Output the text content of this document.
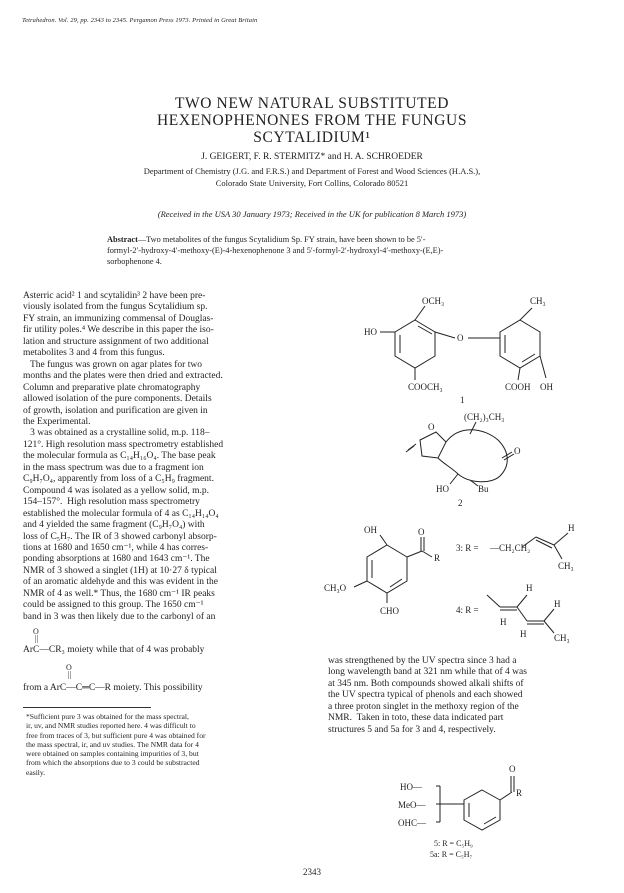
Tetrahedron. Vol. 29, pp. 2343 to 2345. Pergamon Press 1973. Printed in Great Britain
TWO NEW NATURAL SUBSTITUTED
HEXENOPHENONES FROM THE FUNGUS
SCYTALIDIUM¹
J. GEIGERT, F. R. STERMITZ* and H. A. SCHROEDER
Department of Chemistry (J.G. and F.R.S.) and Department of Forest and Wood Sciences (H.A.S.),
Colorado State University, Fort Collins, Colorado 80521
(Received in the USA 30 January 1973; Received in the UK for publication 8 March 1973)
Abstract—Two metabolites of the fungus Scytalidium Sp. FY strain, have been shown to be 5′-
formyl-2′-hydroxy-4′-methoxy-(E)-4-hexenophenone 3 and 5′-formyl-2′-hydroxyl-4′-methoxy-(E,E)-
sorbophenone 4.
Asterric acid² 1 and scytalidin³ 2 have been pre-
viously isolated from the fungus Scytalidium sp.
FY strain, an immunizing commensal of Douglas-
fir utility poles.⁴ We describe in this paper the iso-
lation and structure assignment of two additional
metabolites 3 and 4 from this fungus.
The fungus was grown on agar plates for two
months and the plates were then dried and extracted.
Column and preparative plate chromatography
allowed isolation of the pure components. Details
of growth, isolation and purification are given in
the Experimental.
3 was obtained as a crystalline solid, m.p. 118–
121°. High resolution mass spectrometry established
the molecular formula as C₁₄H₁₆O₄. The base peak
in the mass spectrum was due to a fragment ion
C₉H₇O₄, apparently from loss of a C₅H₉ fragment.
Compound 4 was isolated as a yellow solid, m.p.
154–157°.  High resolution mass spectrometry
established the molecular formula of 4 as C₁₄H₁₄O₄
and 4 yielded the same fragment (C₉H₇O₄) with
loss of C₅H₇. The IR of 3 showed carbonyl absorp-
tions at 1680 and 1650 cm⁻¹, while 4 has corres-
ponding absorptions at 1680 and 1643 cm⁻¹. The
NMR of 3 showed a singlet (1H) at 10·27 δ typical
of an aromatic aldehyde and this was evident in the
NMR of 4 as well.* Thus, the 1680 cm⁻¹ IR peaks
could be assigned to this group. The 1650 cm⁻¹
band in 3 was then likely due to the carbonyl of an
O
||
ArC—CR₃ moiety while that of 4 was probably
O
||
from a ArC—C═C—R moiety. This possibility
*Sufficient pure 3 was obtained for the mass spectral,
ir, uv, and NMR studies reported here. 4 was difficult to
free from traces of 3, but sufficient pure 4 was obtained for
the mass spectral, ir, and uv studies. The NMR data for 4
were obtained on samples containing impurities of 3, but
from which the absorptions due to 3 could be substracted
easily.
was strengthened by the UV spectra since 3 had a
long wavelength band at 321 nm while that of 4 was
at 345 nm. Both compounds showed alkali shifts of
the UV spectra typical of phenols and each showed
a three proton singlet in the methoxy region of the
NMR.  Taken in toto, these data indicated part
structures 5 and 5a for 3 and 4, respectively.
OCH₃	CH₃
HO
O
COOCH₃	COOH OH
1
O
(CH₂)₃CH₃
O
HO	Bu
2
OH	O
R
CH₃O
CHO
3: R = —CH₂CH₂
H
CH₃
4: R =
H
H
H
H	CH₃
O
R
HO—
MeO—
OHC—
5: R = C₅H₉
5a: R = C₅H₇
2343
